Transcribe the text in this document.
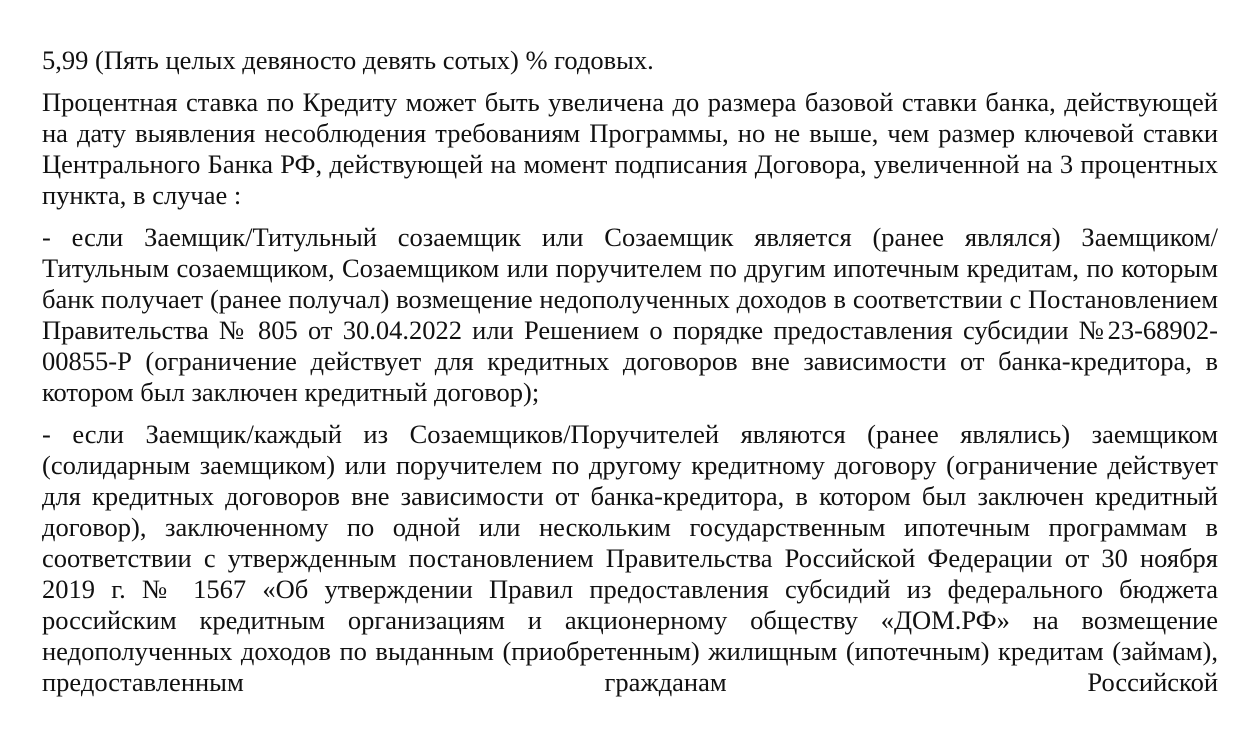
5,99 (Пять целых девяносто девять сотых) % годовых.

Процентная ставка по Кредиту может быть увеличена до размера базовой ставки банка, действующей на дату выявления несоблюдения требованиям Программы, но не выше, чем размер ключевой ставки Центрального Банка РФ, действующей на момент подписания Договора, увеличенной на 3 процентных пункта, в случае :

- если Заемщик/Титульный созаемщик или Созаемщик является (ранее являлся) Заемщиком/ Титульным созаемщиком, Созаемщиком или поручителем по другим ипотечным кредитам, по которым банк получает (ранее получал) возмещение недополученных доходов в соответствии с Постановлением Правительства № 805 от 30.04.2022 или Решением о порядке предоставления субсидии №23-68902-00855-Р (ограничение действует для кредитных договоров вне зависимости от банка-кредитора, в котором был заключен кредитный договор);

- если Заемщик/каждый из Созаемщиков/Поручителей являются (ранее являлись) заемщиком (солидарным заемщиком) или поручителем по другому кредитному договору (ограничение действует для кредитных договоров вне зависимости от банка-кредитора, в котором был заключен кредитный договор), заключенному по одной или нескольким государственным ипотечным программам в соответствии с утвержденным постановлением Правительства Российской Федерации от 30 ноября 2019 г. № 1567 «Об утверждении Правил предоставления субсидий из федерального бюджета российским кредитным организациям и акционерному обществу «ДОМ.РФ» на возмещение недополученных доходов по выданным (приобретенным) жилищным (ипотечным) кредитам (займам), предоставленным гражданам Российской
